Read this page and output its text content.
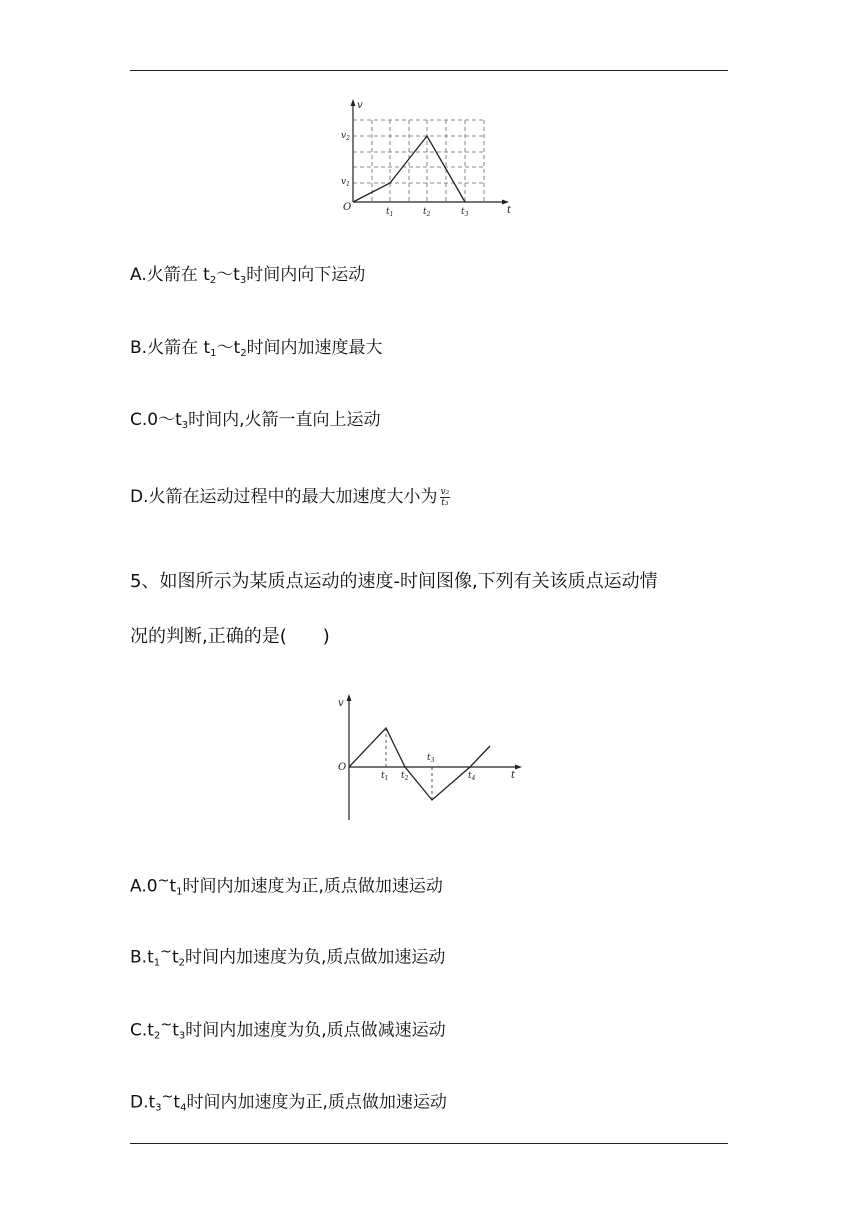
v
$v_2$
$v_1$
O	t
$t_1$	$t_2$	$t_3$
A.火箭在 $t_2\sim t_3$时间内向下运动
B.火箭在 $t_1\sim t_2$时间内加速度最大
$C.0\sim t_3$时间内,火箭一直向上运动
D.火箭在运动过程中的最大加速度大小为 $\frac{\text{v₂}}{\text{t₃}}$
5、如图所示为某质点运动的速度-时间图像,下列有关该质点运动情
况的判断,正确的是(　　)
v
O
t
$t_1$ $t_2$
$t_3$
$t_4$
$A.0^\sim t_1$时间内加速度为正,质点做加速运动
$B.t_1^\sim t_2$时间内加速度为负,质点做加速运动
$C.t_2^\sim t_3$时间内加速度为负,质点做减速运动
$D.t_3^\sim t_4$时间内加速度为正,质点做加速运动
